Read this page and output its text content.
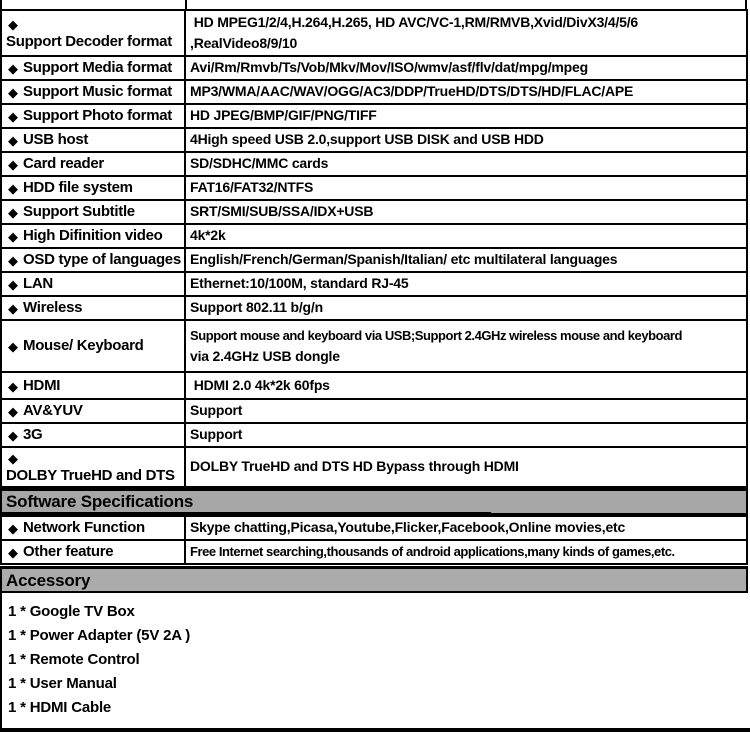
◆Support Decoder format	HD MPEG1/2/4,H.264,H.265, HD AVC/VC-1,RM/RMVB,Xvid/DivX3/4/5/6
,RealVideo8/9/10

◆ Support Media format	Avi/Rm/Rmvb/Ts/Vob/Mkv/Mov/ISO/wmv/asf/flv/dat/mpg/mpeg
◆ Support Music format	MP3/WMA/AAC/WAV/OGG/AC3/DDP/TrueHD/DTS/DTS/HD/FLAC/APE
◆ Support Photo format	HD JPEG/BMP/GIF/PNG/TIFF
◆ USB host	4High speed USB 2.0,support USB DISK and USB HDD
◆ Card reader	SD/SDHC/MMC cards
◆ HDD file system	FAT16/FAT32/NTFS
◆ Support Subtitle	SRT/SMI/SUB/SSA/IDX+USB
◆ High Difinition video	4k*2k
◆ OSD type of languages	English/French/German/Spanish/Italian/ etc multilateral languages
◆ LAN	Ethernet:10/100M, standard RJ-45
◆ Wireless	Support 802.11 b/g/n
◆ Mouse/ Keyboard	Support mouse and keyboard via USB;Support 2.4GHz wireless mouse and keyboard
via 2.4GHz USB dongle

◆ HDMI	HDMI 2.0 4k*2k 60fps
◆ AV&YUV	Support
◆ 3G	Support
◆DOLBY TrueHD and DTS	DOLBY TrueHD and DTS HD Bypass through HDMI
Software Specifications
◆ Network Function	Skype chatting,Picasa,Youtube,Flicker,Facebook,Online movies,etc
◆ Other feature	Free Internet searching,thousands of android applications,many kinds of games,etc.
Accessory
1 * Google TV Box
1 * Power Adapter (5V 2A )
1 * Remote Control
1 * User Manual
1 * HDMI Cable
